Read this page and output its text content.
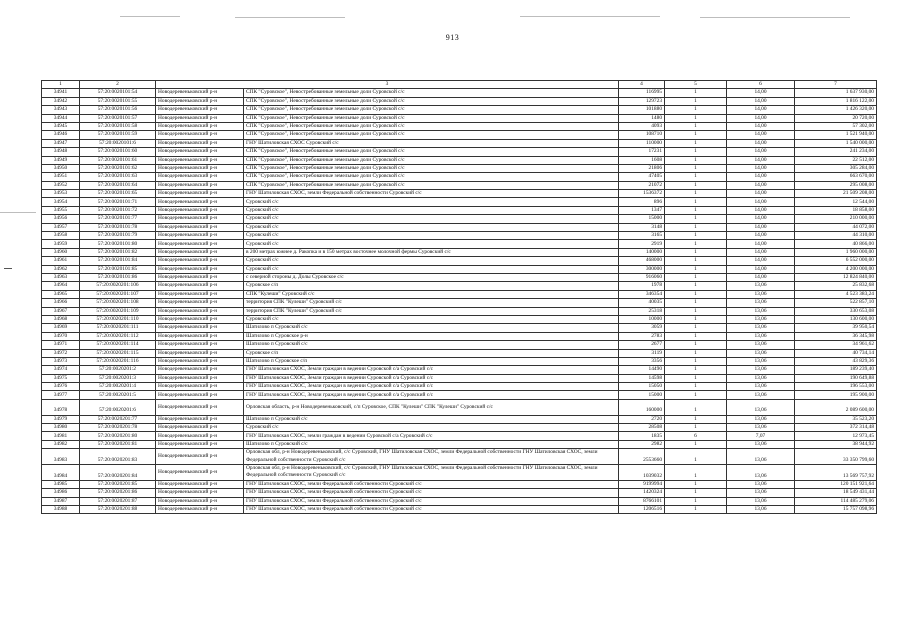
913
1	2	3		4	5	6	7
34941	57:20:0020101:54	Новодеревеньковский р-н	СПК "Суровское", Невостребованные земельные доли Суровской с/с	116995	1	14,00	1 637 930,00
34942	57:20:0020101:55	Новодеревеньковский р-н	СПК "Суровское", Невостребованные земельные доли Суровской с/с	129723	1	14,00	1 816 122,00
34943	57:20:0020101:56	Новодеревеньковский р-н	СПК "Суровское", Невостребованные земельные доли Суровской с/с	101880	1	14,00	1 426 320,00
34944	57:20:0020101:57	Новодеревеньковский р-н	СПК "Суровское", Невостребованные земельные доли Суровской с/с	1480	1	14,00	20 720,00
34945	57:20:0020101:58	Новодеревеньковский р-н	СПК "Суровское", Невостребованные земельные доли Суровской с/с	4093	1	14,00	57 302,00
34946	57:20:0020101:59	Новодеревеньковский р-н	СПК "Суровское", Невостребованные земельные доли Суровской с/с	108710	1	14,00	1 521 940,00
34947	57:20:0020101:6	Новодеревеньковский р-н	ГНУ Шатиловская СХОС Суровский с/с	110000	1	14,00	1 540 000,00
34948	57:20:0020101:60	Новодеревеньковский р-н	СПК "Суровское", Невостребованные земельные доли Суровской с/с	17231	1	14,00	241 234,00
34949	57:20:0020101:61	Новодеревеньковский р-н	СПК "Суровское", Невостребованные земельные доли Суровской с/с	1608	1	14,00	22 512,00
34950	57:20:0020101:62	Новодеревеньковский р-н	СПК "Суровское", Невостребованные земельные доли Суровской с/с	21806	1	14,00	305 284,00
34951	57:20:0020101:63	Новодеревеньковский р-н	СПК "Суровское", Невостребованные земельные доли Суровской с/с	47405	1	14,00	663 670,00
34952	57:20:0020101:64	Новодеревеньковский р-н	СПК "Суровское", Невостребованные земельные доли Суровской с/с	21072	1	14,00	295 008,00
34953	57:20:0020101:65	Новодеревеньковский р-н	ГНУ Шатиловская СХОС, земли Федеральной собственности Суровский с/с	1536372	1	14,00	21 509 208,00
34954	57:20:0020101:71	Новодеревеньковский р-н	Суровский с/с	896	1	14,00	12 544,00
34955	57:20:0020101:72	Новодеревеньковский р-н	Суровский с/с	1347	1	14,00	18 858,00
34956	57:20:0020101:77	Новодеревеньковский р-н	Суровский с/с	15000	1	14,00	210 000,00
34957	57:20:0020101:78	Новодеревеньковский р-н	Суровский с/с	3148	1	14,00	44 072,00
34958	57:20:0020101:79	Новодеревеньковский р-н	Суровский с/с	3165	1	14,00	44 310,00
34959	57:20:0020101:80	Новодеревеньковский р-н	Суровский с/с	2919	1	14,00	40 866,00
34960	57:20:0020101:82	Новодеревеньковский р-н	в 200 метрах южнее д. Ракопка и в 150 метрах восточнее молочной фермы Суровский с/с	140000	1	14,00	1 960 000,00
34961	57:20:0020101:84	Новодеревеньковский р-н	Суровский с/с	468000	1	14,00	6 552 000,00
34962	57:20:0020101:85	Новодеревеньковский р-н	Суровский с/с	300000	1	14,00	4 200 000,00
34963	57:20:0020101:86	Новодеревеньковский р-н	с северной стороны д. Долы Суровское с/с	916060	1	14,00	12 824 840,00
34964	57:20:0020201:106	Новодеревеньковский р-н	Суровское с/п	1978	1	13,06	25 832,68
34965	57:20:0020201:107	Новодеревеньковский р-н	СПК "Кулеши" Суровский с/с	346354	1	13,06	4 523 383,24
34966	57:20:0020201:108	Новодеревеньковский р-н	территория СПК "Кулеши" Суровский с/с	40035	1	13,06	522 857,10
34967	57:20:0020201:109	Новодеревеньковский р-н	территория СПК "Кулеши" Суровский с/с	25318	1	13,06	330 653,08
34968	57:20:0020201:110	Новодеревеньковский р-н	Суровский с/с	10000	1	13,06	130 600,00
34969	57:20:0020201:111	Новодеревеньковский р-н	Шатилово п Суровский с/с	3059	1	13,06	39 950,54
34970	57:20:0020201:112	Новодеревеньковский р-н	Шатилово п Суровское р-н	2783	1	13,06	36 345,98
34971	57:20:0020201:114	Новодеревеньковский р-н	Шатилово п Суровский с/с	2677	1	13,06	34 961,62
34972	57:20:0020201:115	Новодеревеньковский р-н	Суровское с/п	3119	1	13,06	40 734,14
34973	57:20:0020201:116	Новодеревеньковский р-н	Шатилово п Суровское с/п	3356	1	13,06	43 829,36
34974	57:20:0020201:2	Новодеревеньковский р-н	ГНУ Шатиловская СХОС, Земли граждан в ведении Суровской с/а Суровский с/с	14490	1	13,06	189 239,40
34975	57:20:0020201:3	Новодеревеньковский р-н	ГНУ Шатиловская СХОС, Земли граждан в ведении Суровской с/а Суровский с/с	14598	1	13,06	190 649,88
34976	57:20:0020201:4	Новодеревеньковский р-н	ГНУ Шатиловская СХОС, Земли граждан в ведении Суровской с/а Суровский с/с	15050	1	13,06	196 553,00
34977	57:20:0020201:5	Новодеревеньковский р-н	ГНУ Шатиловская СХОС, Земли граждан в ведении Суровской с/а Суровский с/с	15000	1	13,06	195 900,00
34978	57:20:0020201:6	Новодеревеньковский р-н	Орловская область, р-н Новодеревеньковский, с/п Суровское, СПК "Кулеши" СПК "Кулеши" Суровский с/с	160000	1	13,06	2 089 600,00
34979	57:20:0020201:77	Новодеревеньковский р-н	Шатилово п Суровский с/с	2720	1	13,06	35 523,20
34980	57:20:0020201:78	Новодеревеньковский р-н	Суровский с/с	28508	1	13,06	372 314,48
34981	57:20:0020201:80	Новодеревеньковский р-н	ГНУ Шатиловская СХОС, земли граждан в ведении Суровской с/а Суровский с/с	1835	6	7,07	12 973,45
34982	57:20:0020201:81	Новодеревеньковский р-н	Шатилово п Суровский с/с	2982	1	13,06	38 944,92
34983	57:20:0020201:83	Новодеревеньковский р-н	Орловская обл, р-н Новодеревеньковский, с/с Суровский, ГНУ Шатиловская СХОС, земли Федеральной собственности ГНУ Шатиловская СХОС, земли Федеральной собственности Суровский с/с	2553660	1	13,06	33 350 799,60
34984	57:20:0020201:84	Новодеревеньковский р-н	Орловская обл, р-н Новодеревеньковский, с/с Суровский, ГНУ Шатиловская СХОС, земли Федеральной собственности ГНУ Шатиловская СХОС, земли Федеральной собственности Суровский с/с	1039032	1	13,06	13 569 757,92
34985	57:20:0020201:85	Новодеревеньковский р-н	ГНУ Шатиловская СХОС, земли Федеральной собственности Суровский с/с	9199994	1	13,06	120 151 921,64
34986	57:20:0020201:86	Новодеревеньковский р-н	ГНУ Шатиловская СХОС, земли Федеральной собственности Суровский с/с	1420324	1	13,06	18 549 431,44
34987	57:20:0020201:87	Новодеревеньковский р-н	ГНУ Шатиловская СХОС, земли Федеральной собственности Суровский с/с	8766101	1	13,06	114 485 279,06
34988	57:20:0020201:88	Новодеревеньковский р-н	ГНУ Шатиловская СХОС, земли Федеральной собственности Суровский с/с	1206516	1	13,06	15 757 098,96
